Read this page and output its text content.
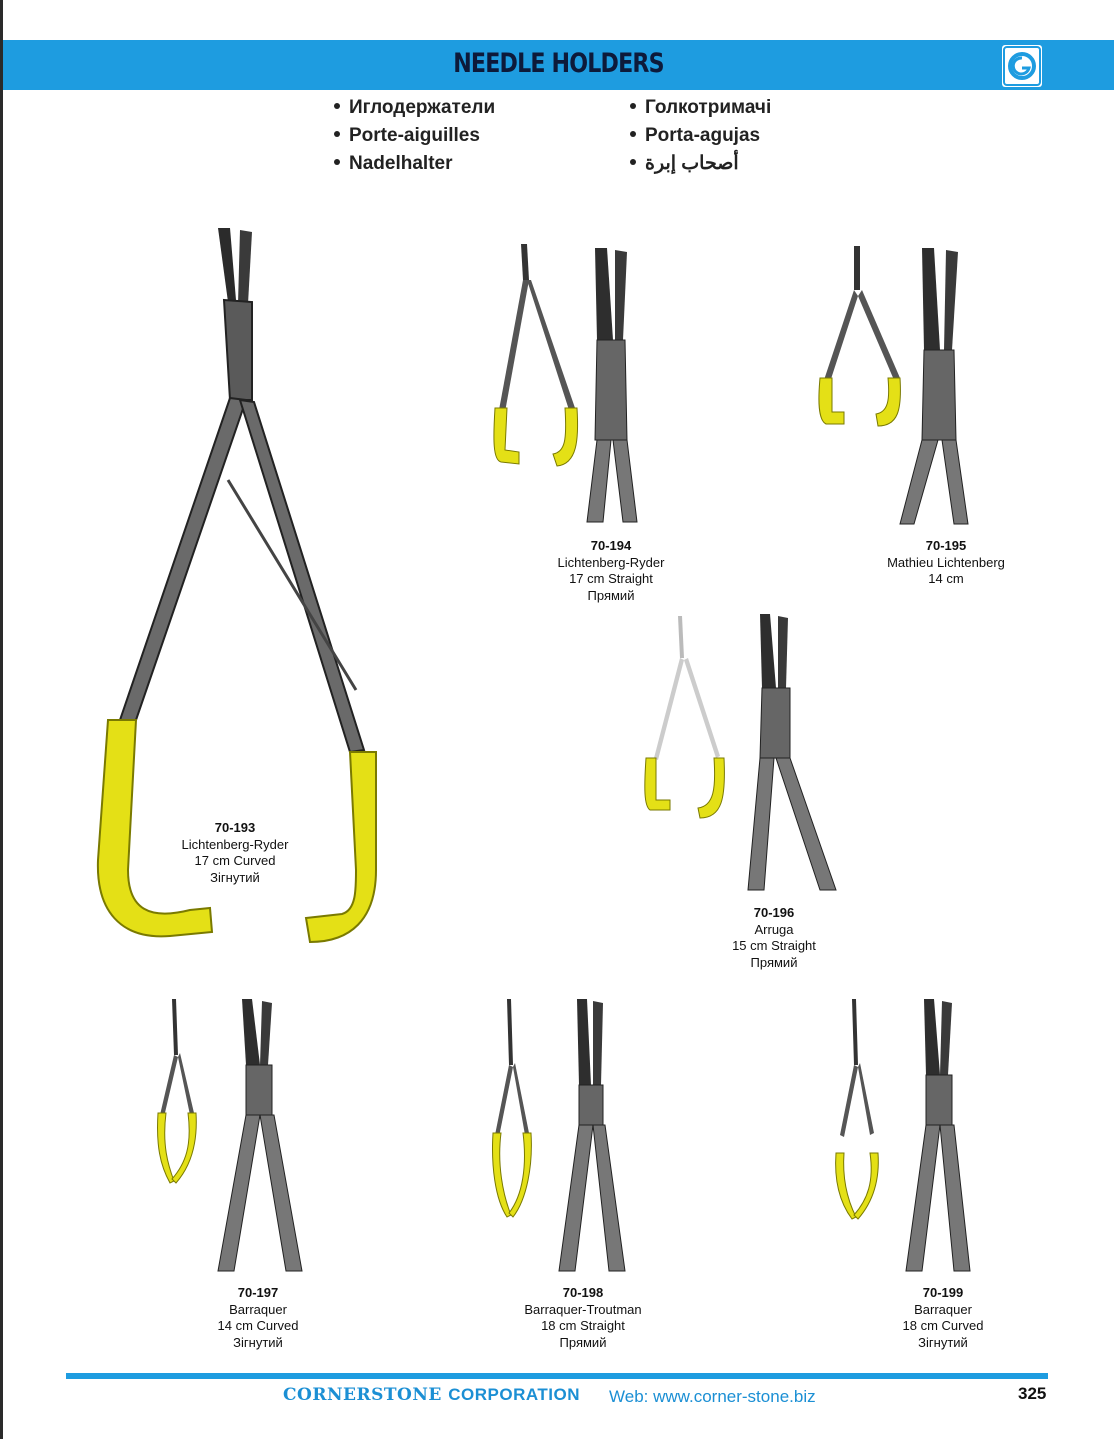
NEEDLE HOLDERS
Иглодержатели
Porte-aiguilles
Nadelhalter
Голкотримачі
Porta-agujas
أصحاب إبرة
70-193
Lichtenberg-Ryder
17 cm Curved
Зігнутий
70-194
Lichtenberg-Ryder
17 cm Straight
Прямий
70-195
Mathieu Lichtenberg
14 cm
70-196
Arruga
15 cm Straight
Прямий
70-197
Barraquer
14 cm Curved
Зігнутий
70-198
Barraquer-Troutman
18 cm Straight
Прямий
70-199
Barraquer
18 cm Curved
Зігнутий
CORNERSTONE CORPORATION Web: www.corner-stone.biz	325
